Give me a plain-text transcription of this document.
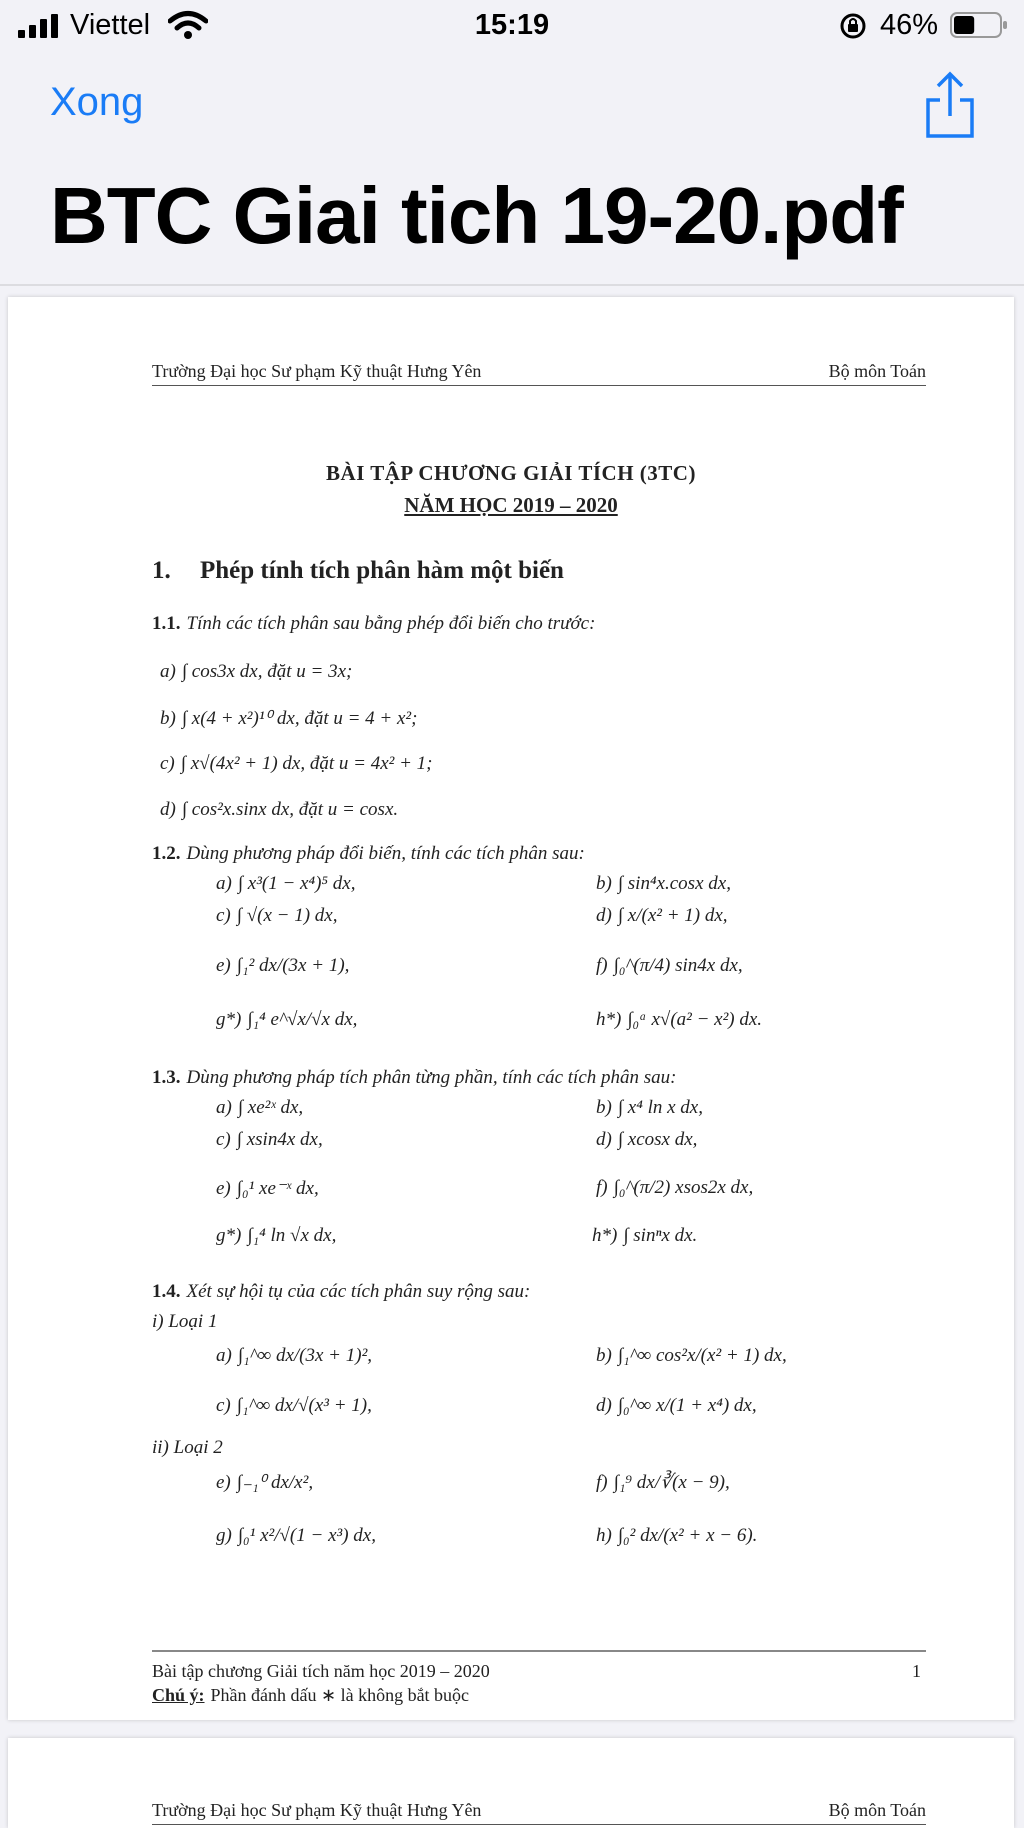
Viettel	15:19	46%
Xong
BTC Giai tich 19-20.pdf
Trường Đại học Sư phạm Kỹ thuật Hưng Yên	Bộ môn Toán
BÀI TẬP CHƯƠNG GIẢI TÍCH (3TC)
NĂM HỌC 2019 – 2020
1. Phép tính tích phân hàm một biến
1.1. Tính các tích phân sau bằng phép đổi biến cho trước:
a) ∫ cos3x dx, đặt u = 3x;
b) ∫ x(4 + x²)¹⁰ dx, đặt u = 4 + x²;
c) ∫ x√(4x² + 1) dx, đặt u = 4x² + 1;
d) ∫ cos²x.sinx dx, đặt u = cosx.
1.2. Dùng phương pháp đổi biến, tính các tích phân sau:
a) ∫ x³(1 − x⁴)⁵ dx,	b) ∫ sin⁴x.cosx dx,
c) ∫ √(x − 1) dx,	d) ∫ x/(x² + 1) dx,
e) ∫₁² dx/(3x + 1),	f) ∫₀^(π/4) sin4x dx,
g*) ∫₁⁴ e^√x/√x dx,	h*) ∫₀ᵃ x√(a² − x²) dx.
1.3. Dùng phương pháp tích phân từng phần, tính các tích phân sau:
a) ∫ xe²ˣ dx,	b) ∫ x⁴ ln x dx,
c) ∫ xsin4x dx,	d) ∫ xcosx dx,
e) ∫₀¹ xe⁻ˣ dx,	f) ∫₀^(π/2) xsos2x dx,
g*) ∫₁⁴ ln √x dx,	h*) ∫ sinⁿx dx.
1.4. Xét sự hội tụ của các tích phân suy rộng sau:
i) Loại 1
a) ∫₁^∞ dx/(3x + 1)²,	b) ∫₁^∞ cos²x/(x² + 1) dx,
c) ∫₁^∞ dx/√(x³ + 1),	d) ∫₀^∞ x/(1 + x⁴) dx,
ii) Loại 2
e) ∫₋₁⁰ dx/x²,	f) ∫₁⁹ dx/∛(x − 9),
g) ∫₀¹ x²/√(1 − x³) dx,	h) ∫₀² dx/(x² + x − 6).
Bài tập chương Giải tích năm học 2019 – 2020	1
Chú ý: Phần đánh dấu ∗ là không bắt buộc
Trường Đại học Sư phạm Kỹ thuật Hưng Yên	Bộ môn Toán
